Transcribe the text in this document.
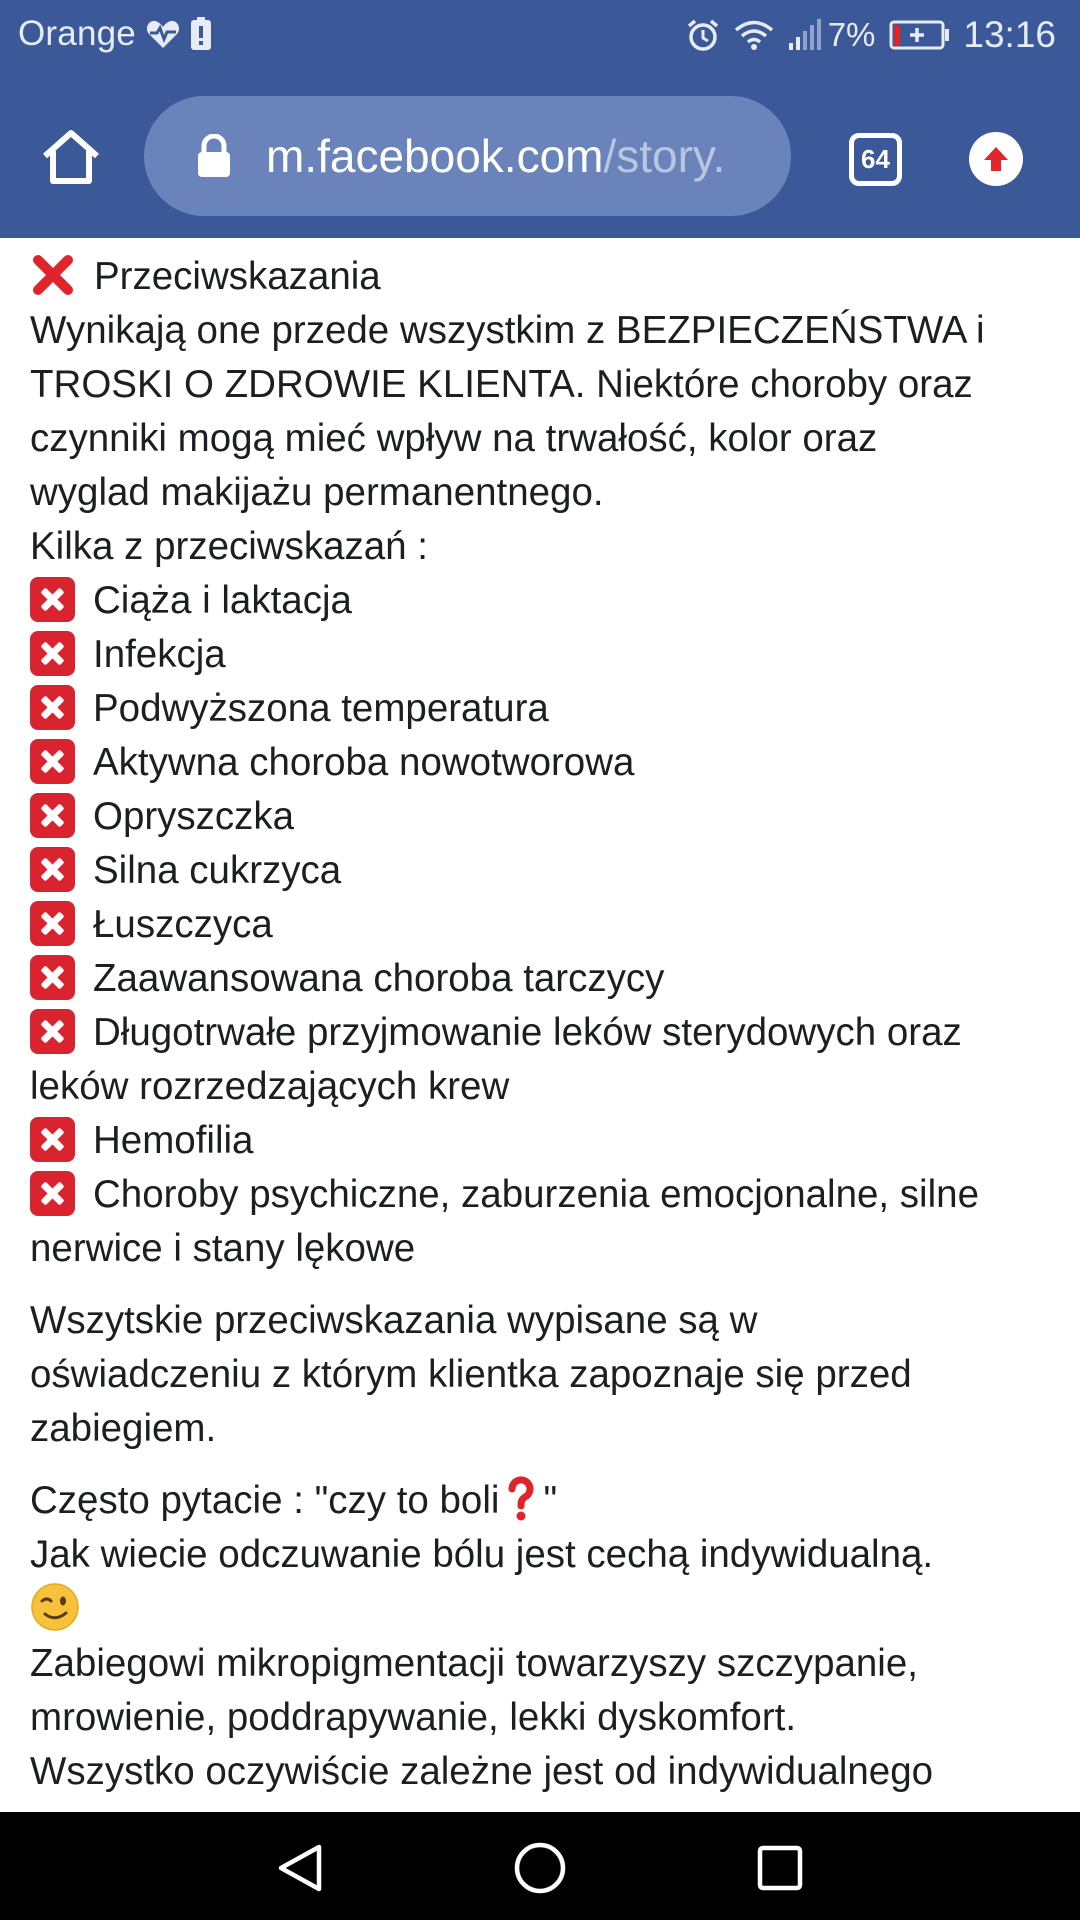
Orange	7% 13:16
m.facebook.com/story.	64
Przeciwskazania
Wynikają one przede wszystkim z BEZPIECZEŃSTWA i
TROSKI O ZDROWIE KLIENTA. Niektóre choroby oraz
czynniki mogą mieć wpływ na trwałość, kolor oraz
wyglad makijażu permanentnego.
Kilka z przeciwskazań :
Ciąża i laktacja
Infekcja
Podwyższona temperatura
Aktywna choroba nowotworowa
Opryszczka
Silna cukrzyca
Łuszczyca
Zaawansowana choroba tarczycy
Długotrwałe przyjmowanie leków sterydowych oraz
leków rozrzedzających krew
Hemofilia
Choroby psychiczne, zaburzenia emocjonalne, silne
nerwice i stany lękowe
Wszytskie przeciwskazania wypisane są w
oświadczeniu z którym klientka zapoznaje się przed
zabiegiem.
Często pytacie : "czy to boli "
Jak wiecie odczuwanie bólu jest cechą indywidualną.
Zabiegowi mikropigmentacji towarzyszy szczypanie,
mrowienie, poddrapywanie, lekki dyskomfort.
Wszystko oczywiście zależne jest od indywidualnego
